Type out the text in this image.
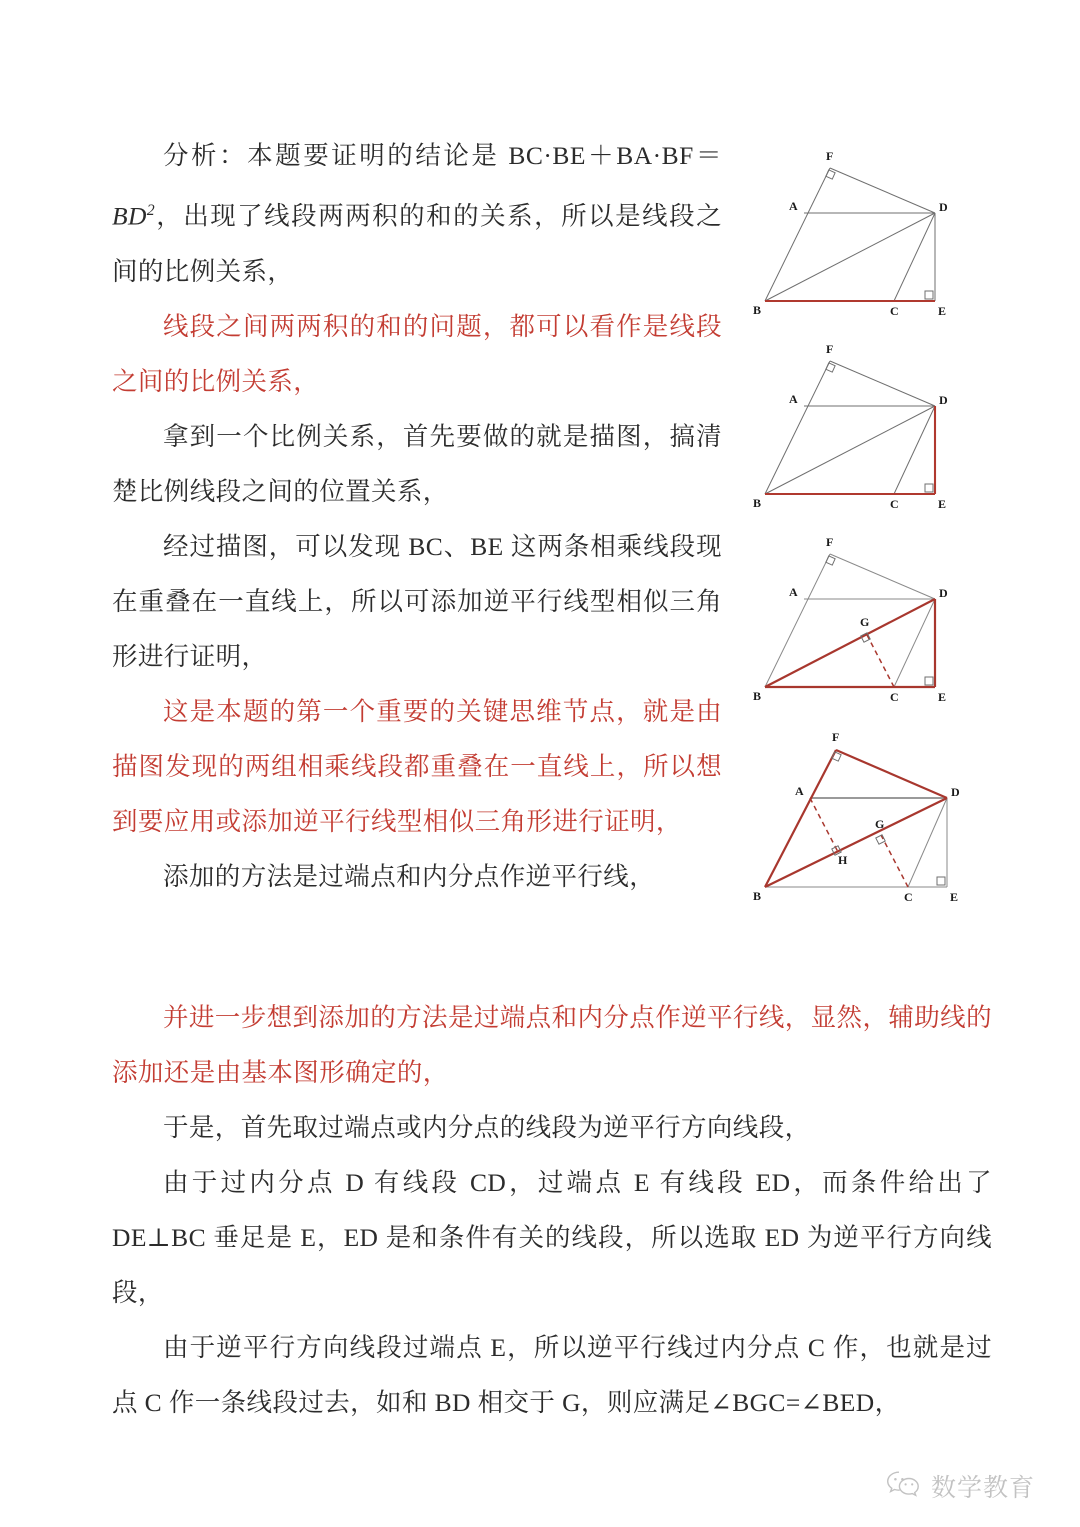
分析：本题要证明的结论是 $BC\cdot BE+BA\cdot BF=BD^2$，出现了线段两两积的和的关系，所以是线段之间的比例关系，

线段之间两两积的和的问题，都可以看作是线段之间的比例关系，

拿到一个比例关系，首先要做的就是描图，搞清楚比例线段之间的位置关系，

经过描图，可以发现 BC、BE 这两条相乘线段现在重叠在一直线上，所以可添加逆平行线型相似三角形进行证明，

这是本题的第一个重要的关键思维节点，就是由描图发现的两组相乘线段都重叠在一直线上，所以想到要应用或添加逆平行线型相似三角形进行证明，

添加的方法是过端点和内分点作逆平行线，

并进一步想到添加的方法是过端点和内分点作逆平行线，显然，辅助线的添加还是由基本图形确定的，

于是，首先取过端点或内分点的线段为逆平行方向线段，

由于过内分点 D 有线段 CD，过端点 E 有线段 ED，而条件给出了 DE⊥BC 垂足是 E，ED 是和条件有关的线段，所以选取 ED 为逆平行方向线段，

由于逆平行方向线段过端点 E，所以逆平行线过内分点 C 作，也就是过点 C 作一条线段过去，如和 BD 相交于 G，则应满足∠BGC=∠BED，

F
A	D
B	C	E
F
A	D
B	C	E
F
A	D
B	C	E
G
F
A	D
B	C	E
G
H
数学教育
